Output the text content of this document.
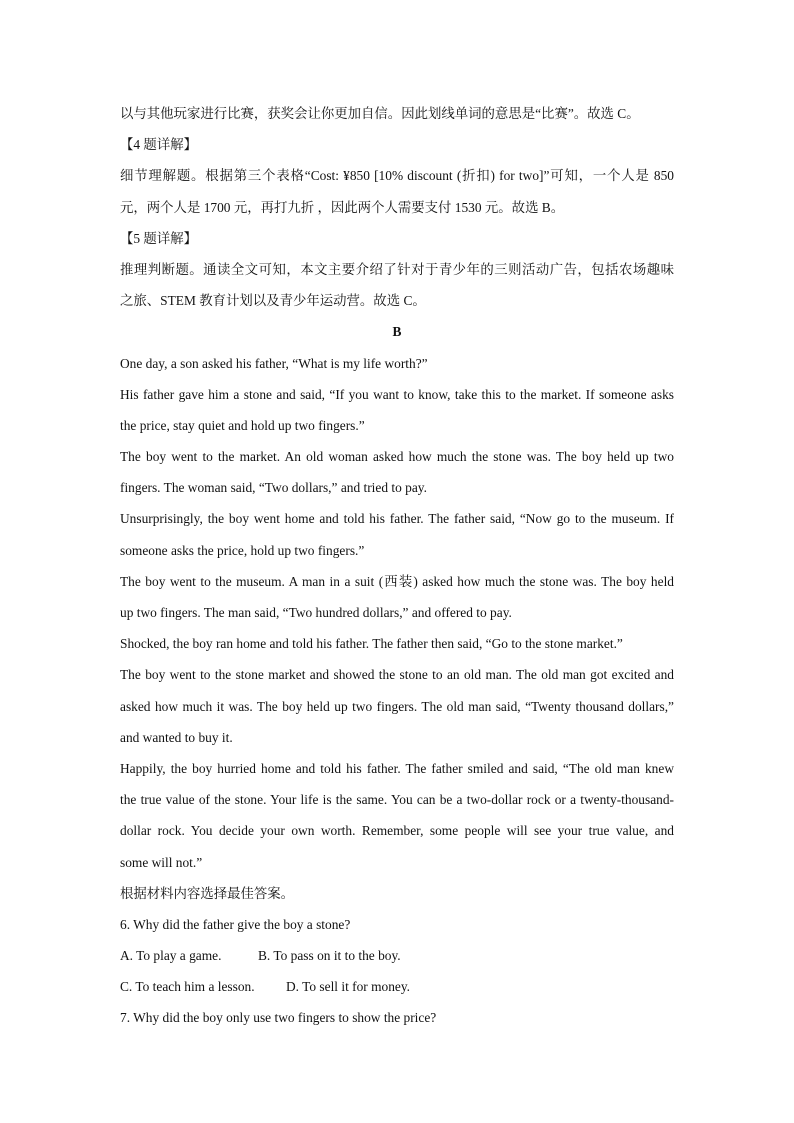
以与其他玩家进行比赛，获奖会让你更加自信。因此划线单词的意思是“比赛”。故选 C。
【4 题详解】
细节理解题。根据第三个表格“Cost: ¥850 [10% discount (折扣) for two]”可知，一个人是 850
元，两个人是 1700 元，再打九折 ，因此两个人需要支付 1530 元。故选 B。
【5 题详解】
推理判断题。通读全文可知，本文主要介绍了针对于青少年的三则活动广告，包括农场趣味
之旅、STEM 教育计划以及青少年运动营。故选 C。
B
One day, a son asked his father, “What is my life worth?”
His father gave him a stone and said, “If you want to know, take this to the market. If someone asks
the price, stay quiet and hold up two fingers.”
The boy went to the market. An old woman asked how much the stone was. The boy held up two
fingers. The woman said, “Two dollars,” and tried to pay.
Unsurprisingly, the boy went home and told his father. The father said, “Now go to the museum. If
someone asks the price, hold up two fingers.”
The boy went to the museum. A man in a suit (西装) asked how much the stone was. The boy held
up two fingers. The man said, “Two hundred dollars,” and offered to pay.
Shocked, the boy ran home and told his father. The father then said, “Go to the stone market.”
The boy went to the stone market and showed the stone to an old man. The old man got excited and
asked how much it was. The boy held up two fingers. The old man said, “Twenty thousand dollars,”
and wanted to buy it.
Happily, the boy hurried home and told his father. The father smiled and said, “The old man knew
the true value of the stone. Your life is the same. You can be a two-dollar rock or a twenty-thousand-
dollar rock. You decide your own worth. Remember, some people will see your true value, and
some will not.”
根据材料内容选择最佳答案。
6. Why did the father give the boy a stone?
A. To play a game.	B. To pass on it to the boy.
C. To teach him a lesson. D. To sell it for money.
7. Why did the boy only use two fingers to show the price?
